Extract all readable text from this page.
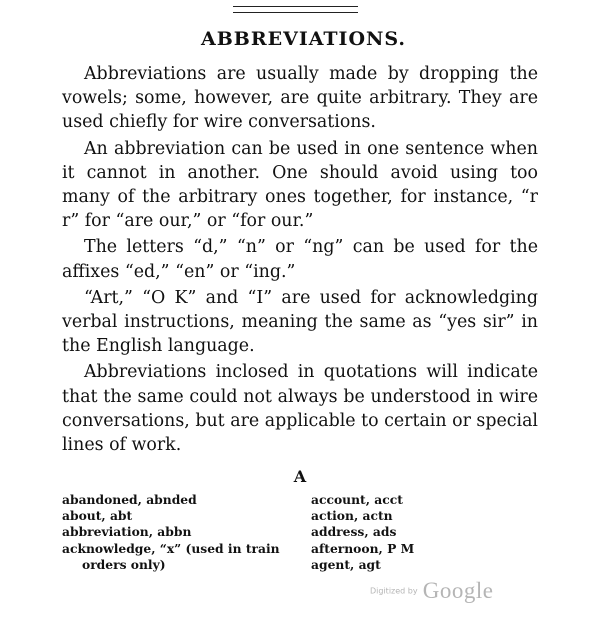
ABBREVIATIONS.

Abbreviations are usually made by dropping the vowels; some, however, are quite arbitrary. They are used chiefly for wire conversations.

An abbreviation can be used in one sentence when it cannot in another. One should avoid using too many of the arbitrary ones together, for instance, “r r” for “are our,” or “for our.”

The letters “d,” “n” or “ng” can be used for the affixes “ed,” “en” or “ing.”

“Art,” “O K” and “I” are used for acknowledging verbal instructions, meaning the same as “yes sir” in the English language.

Abbreviations inclosed in quotations will indicate that the same could not always be understood in wire conversations, but are applicable to certain or special lines of work.

A
abandoned, abnded
about, abt
abbreviation, abbn
acknowledge, “x” (used in train orders only)
account, acct
action, actn
address, ads
afternoon, P M
agent, agt
Digitized by Google
